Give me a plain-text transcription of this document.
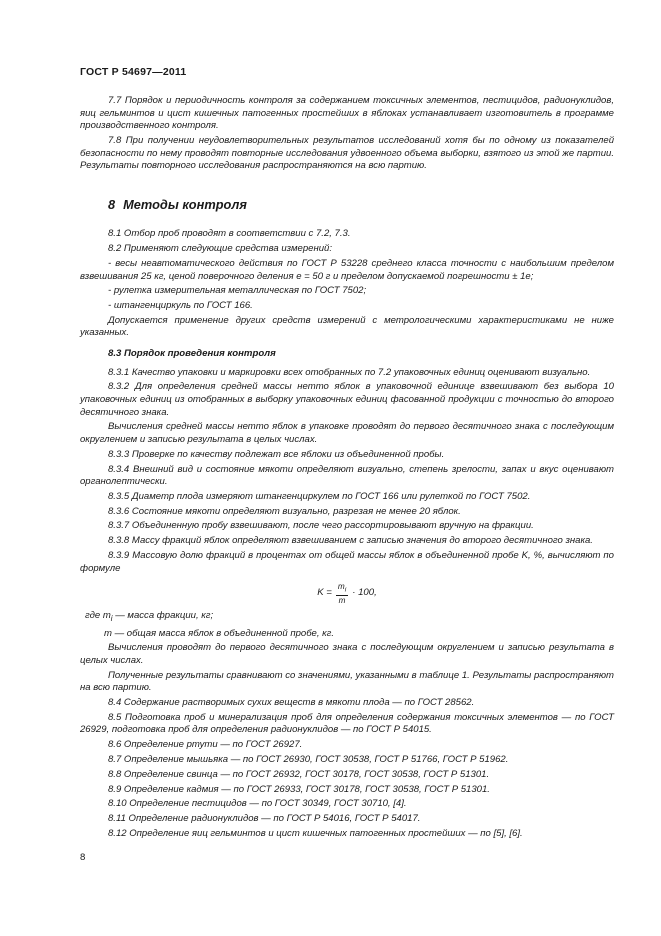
ГОСТ Р 54697—2011

7.7 Порядок и периодичность контроля за содержанием токсичных элементов, пестицидов, радионуклидов, яиц гельминтов и цист кишечных патогенных простейших в яблоках устанавливает изготовитель в программе производственного контроля.

7.8 При получении неудовлетворительных результатов исследований хотя бы по одному из показателей безопасности по нему проводят повторные исследования удвоенного объема выборки, взятого из этой же партии. Результаты повторного исследования распространяются на всю партию.

8 Методы контроля

8.1 Отбор проб проводят в соответствии с 7.2, 7.3.

8.2 Применяют следующие средства измерений:

- весы неавтоматического действия по ГОСТ Р 53228 среднего класса точности с наибольшим пределом взвешивания 25 кг, ценой поверочного деления е = 50 г и пределом допускаемой погрешности ± 1е;

- рулетка измерительная металлическая по ГОСТ 7502;

- штангенциркуль по ГОСТ 166.

Допускается применение других средств измерений с метрологическими характеристиками не ниже указанных.

8.3 Порядок проведения контроля

8.3.1 Качество упаковки и маркировки всех отобранных по 7.2 упаковочных единиц оценивают визуально.

8.3.2 Для определения средней массы нетто яблок в упаковочной единице взвешивают без выбора 10 упаковочных единиц из отобранных в выборку упаковочных единиц фасованной продукции с точностью до второго десятичного знака.

Вычисления средней массы нетто яблок в упаковке проводят до первого десятичного знака с последующим округлением и записью результата в целых числах.

8.3.3 Проверке по качеству подлежат все яблоки из объединенной пробы.

8.3.4 Внешний вид и состояние мякоти определяют визуально, степень зрелости, запах и вкус оценивают органолептически.

8.3.5 Диаметр плода измеряют штангенциркулем по ГОСТ 166 или рулеткой по ГОСТ 7502.

8.3.6 Состояние мякоти определяют визуально, разрезая не менее 20 яблок.

8.3.7 Объединенную пробу взвешивают, после чего рассортировывают вручную на фракции.

8.3.8 Массу фракций яблок определяют взвешиванием с записью значения до второго десятичного знака.

8.3.9 Массовую долю фракций в процентах от общей массы яблок в объединенной пробе K, %, вычисляют по формуле

$K = \frac{m_i}{m} \cdot 100$,

где $m_i$ — масса фракции, кг;

m — общая масса яблок в объединенной пробе, кг.

Вычисления проводят до первого десятичного знака с последующим округлением и записью результата в целых числах.

Полученные результаты сравнивают со значениями, указанными в таблице 1. Результаты распространяют на всю партию.

8.4 Содержание растворимых сухих веществ в мякоти плода — по ГОСТ 28562.

8.5 Подготовка проб и минерализация проб для определения содержания токсичных элементов — по ГОСТ 26929, подготовка проб для определения радионуклидов — по ГОСТ Р 54015.

8.6 Определение ртути — по ГОСТ 26927.

8.7 Определение мышьяка — по ГОСТ 26930, ГОСТ 30538, ГОСТ Р 51766, ГОСТ Р 51962.

8.8 Определение свинца — по ГОСТ 26932, ГОСТ 30178, ГОСТ 30538, ГОСТ Р 51301.

8.9 Определение кадмия — по ГОСТ 26933, ГОСТ 30178, ГОСТ 30538, ГОСТ Р 51301.

8.10 Определение пестицидов — по ГОСТ 30349, ГОСТ 30710, [4].

8.11 Определение радионуклидов — по ГОСТ Р 54016, ГОСТ Р 54017.

8.12 Определение яиц гельминтов и цист кишечных патогенных простейших — по [5], [6].

8
